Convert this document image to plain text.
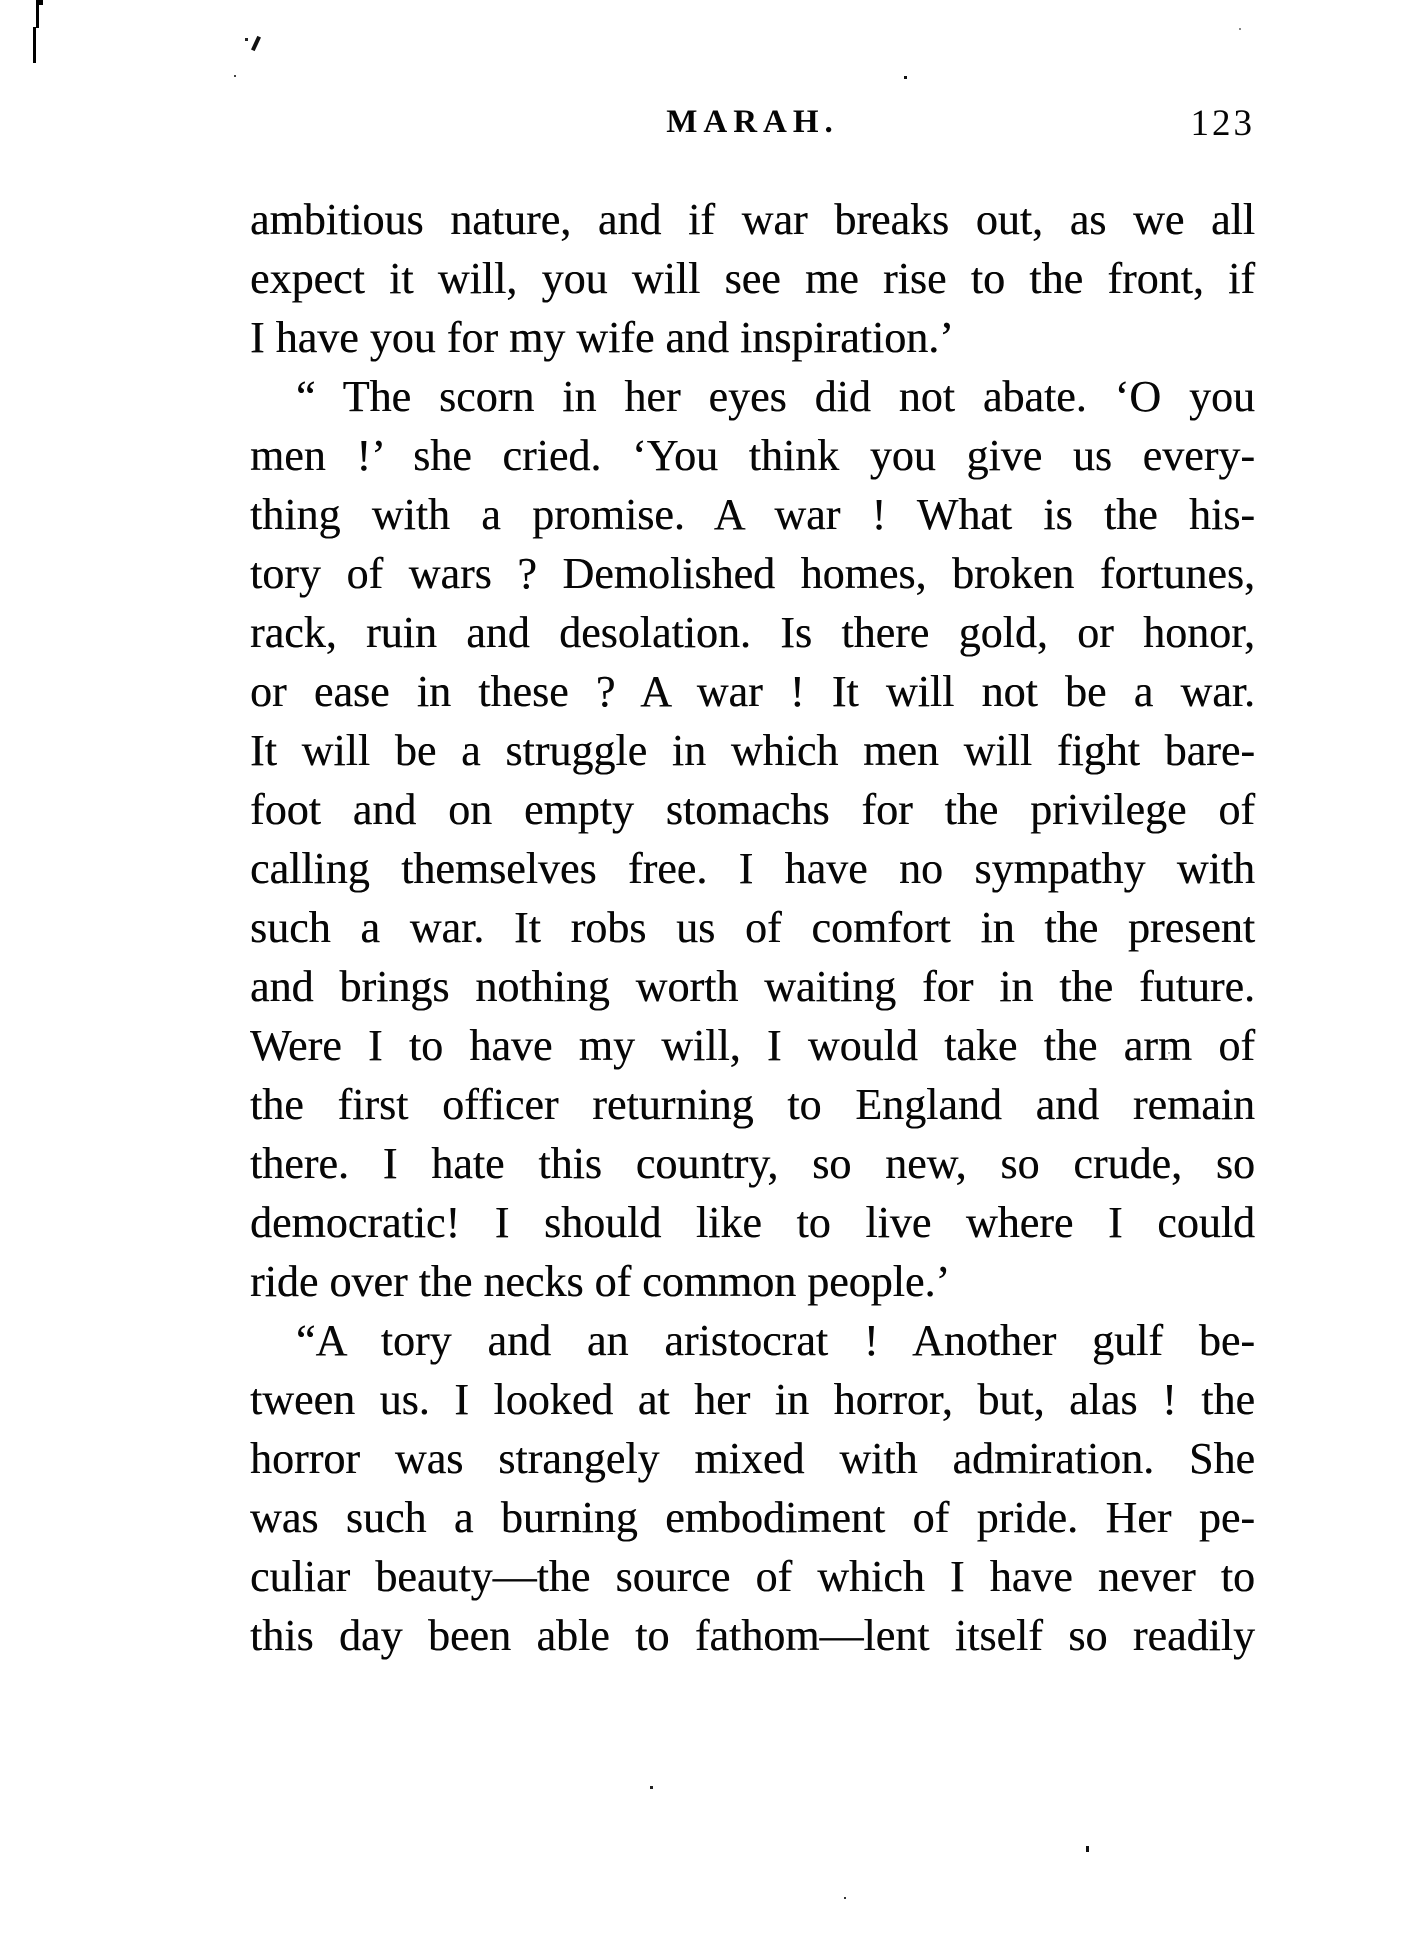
MARAH.	123
ambitious nature, and if war breaks out, as we all
expect it will, you will see me rise to the front, if
I have you for my wife and inspiration.’
“ The scorn in her eyes did not abate. ‘O you
men !’ she cried. ‘You think you give us every-
thing with a promise. A war ! What is the his-
tory of wars ? Demolished homes, broken fortunes,
rack, ruin and desolation. Is there gold, or honor,
or ease in these ? A war ! It will not be a war.
It will be a struggle in which men will fight bare-
foot and on empty stomachs for the privilege of
calling themselves free. I have no sympathy with
such a war. It robs us of comfort in the present
and brings nothing worth waiting for in the future.
Were I to have my will, I would take the arm of
the first officer returning to England and remain
there. I hate this country, so new, so crude, so
democratic! I should like to live where I could
ride over the necks of common people.’
“A tory and an aristocrat ! Another gulf be-
tween us. I looked at her in horror, but, alas ! the
horror was strangely mixed with admiration. She
was such a burning embodiment of pride. Her pe-
culiar beauty—the source of which I have never to
this day been able to fathom—lent itself so readily
